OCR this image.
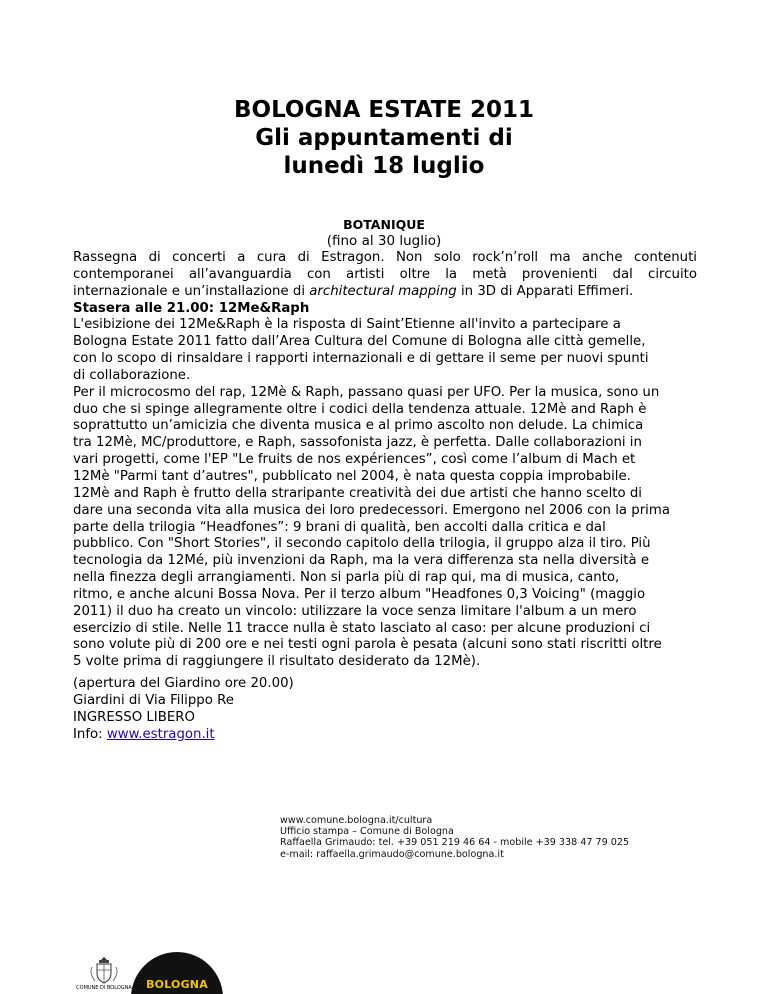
BOLOGNA ESTATE 2011
Gli appuntamenti di
lunedì 18 luglio
BOTANIQUE
(fino al 30 luglio)
Rassegna di concerti a cura di Estragon. Non solo rock’n’roll ma anche contenuti
contemporanei all’avanguardia con artisti oltre la metà provenienti dal circuito
internazionale e un’installazione di architectural mapping in 3D di Apparati Effimeri.
Stasera alle 21.00: 12Me&Raph
L'esibizione dei 12Me&Raph è la risposta di Saint’Etienne all'invito a partecipare a
Bologna Estate 2011 fatto dall’Area Cultura del Comune di Bologna alle città gemelle,
con lo scopo di rinsaldare i rapporti internazionali e di gettare il seme per nuovi spunti
di collaborazione.
Per il microcosmo del rap, 12Mè & Raph, passano quasi per UFO. Per la musica, sono un
duo che si spinge allegramente oltre i codici della tendenza attuale. 12Mè and Raph è
soprattutto un’amicizia che diventa musica e al primo ascolto non delude. La chimica
tra 12Mè, MC/produttore, e Raph, sassofonista jazz, è perfetta. Dalle collaborazioni in
vari progetti, come l'EP "Le fruits de nos expériences”, così come l’album di Mach et
12Mè "Parmi tant d’autres", pubblicato nel 2004, è nata questa coppia improbabile.
12Mè and Raph è frutto della straripante creatività dei due artisti che hanno scelto di
dare una seconda vita alla musica dei loro predecessori. Emergono nel 2006 con la prima
parte della trilogia “Headfones”: 9 brani di qualità, ben accolti dalla critica e dal
pubblico. Con "Short Stories", il secondo capitolo della trilogia, il gruppo alza il tiro. Più
tecnologia da 12Mé, più invenzioni da Raph, ma la vera differenza sta nella diversità e
nella finezza degli arrangiamenti. Non si parla più di rap qui, ma di musica, canto,
ritmo, e anche alcuni Bossa Nova. Per il terzo album "Headfones 0,3 Voicing" (maggio
2011) il duo ha creato un vincolo: utilizzare la voce senza limitare l'album a un mero
esercizio di stile. Nelle 11 tracce nulla è stato lasciato al caso: per alcune produzioni ci
sono volute più di 200 ore e nei testi ogni parola è pesata (alcuni sono stati riscritti oltre
5 volte prima di raggiungere il risultato desiderato da 12Mè).
(apertura del Giardino ore 20.00)
Giardini di Via Filippo Re
INGRESSO LIBERO
Info: www.estragon.it
www.comune.bologna.it/cultura
Ufficio stampa – Comune di Bologna
Raffaella Grimaudo: tel. +39 051 219 46 64 - mobile +39 338 47 79 025
e-mail: raffaella.grimaudo@comune.bologna.it
COMUNE DI BOLOGNA	BOLOGNA
